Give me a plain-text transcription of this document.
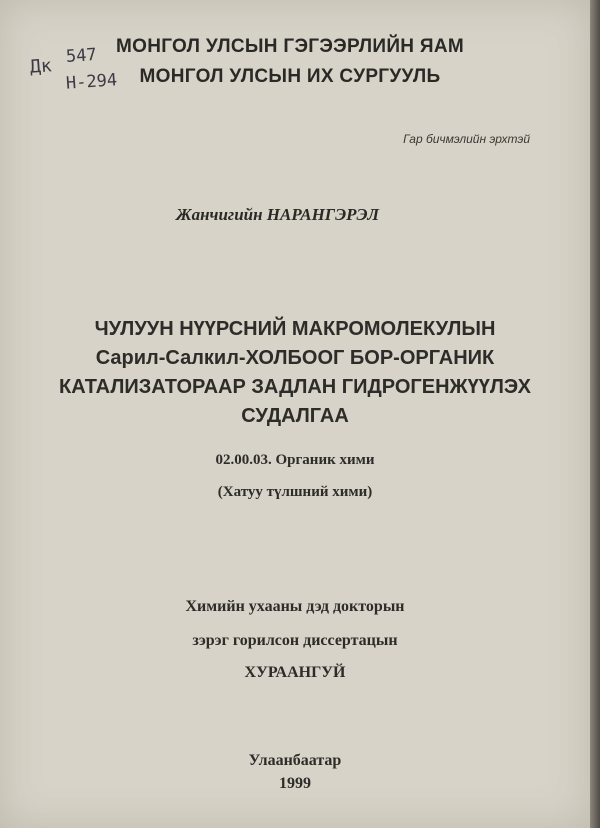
Дк 547
Н-294
МОНГОЛ УЛСЫН ГЭГЭЭРЛИЙН ЯАМ
МОНГОЛ УЛСЫН ИХ СУРГУУЛЬ
Гар бичмэлийн эрхтэй
Жанчигийн НАРАНГЭРЭЛ
ЧУЛУУН НҮҮРСНИЙ МАКРОМОЛЕКУЛЫН
Сарил-Салкил-ХОЛБООГ БОР-ОРГАНИК
КАТАЛИЗАТОРААР ЗАДЛАН ГИДРОГЕНЖҮҮЛЭХ
СУДАЛГАА
02.00.03. Органик хими
(Хатуу түлшний хими)
Химийн ухааны дэд докторын
зэрэг горилсон диссертацын
ХУРААНГУЙ
Улаанбаатар
1999
